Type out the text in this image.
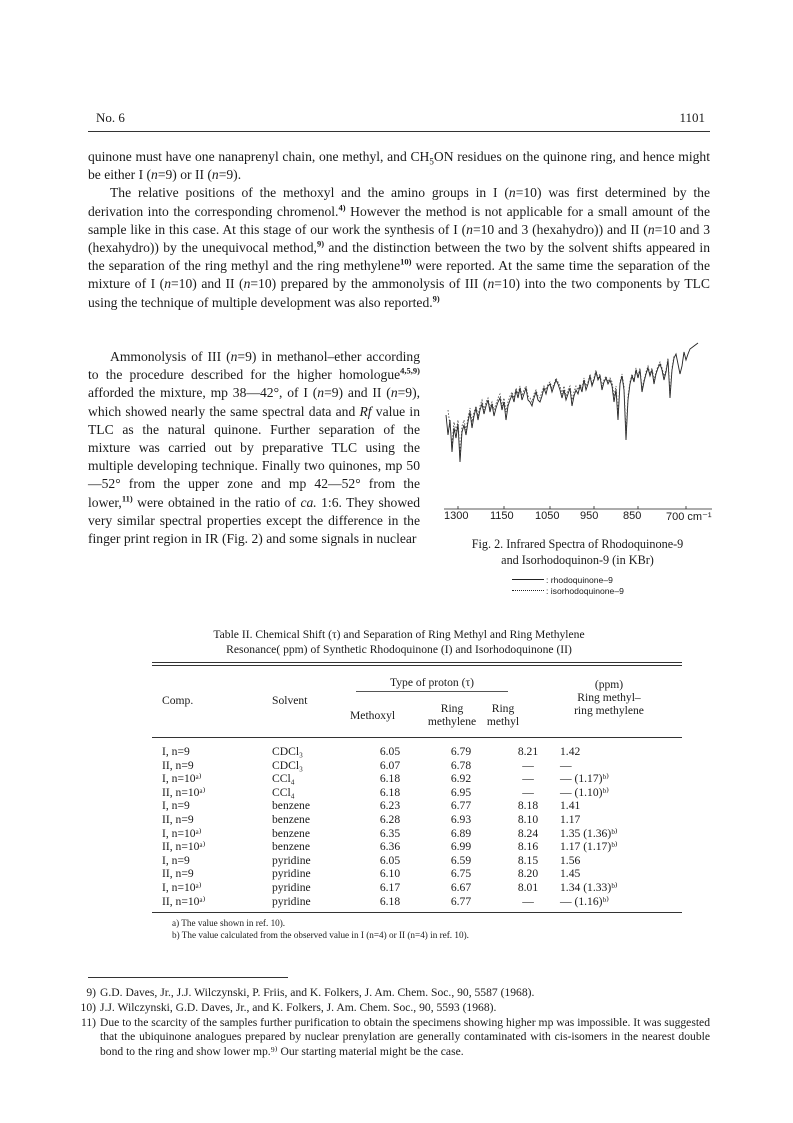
No. 6	1101

quinone must have one nanaprenyl chain, one methyl, and $CH_5ON$ residues on the quinone ring, and hence might be either I (n=9) or II (n=9).

The relative positions of the methoxyl and the amino groups in I (n=10) was first determined by the derivation into the corresponding chromenol.$^{4)}$ However the method is not applicable for a small amount of the sample like in this case. At this stage of our work the synthesis of I (n=10 and 3 (hexahydro)) and II (n=10 and 3 (hexahydro)) by the unequivocal method,$^{9)}$ and the distinction between the two by the solvent shifts appeared in the separation of the ring methyl and the ring methylene$^{10)}$ were reported. At the same time the separation of the mixture of I (n=10) and II (n=10) prepared by the ammonolysis of III (n=10) into the two components by TLC using the technique of multiple development was also reported.$^{9)}$

Ammonolysis of III (n=9) in methanol–ether according to the procedure described for the higher homologue$^{4,5,9)}$ afforded the mixture, mp 38—42°, of I (n=9) and II (n=9), which showed nearly the same spectral data and Rf value in TLC as the natural quinone. Further separation of the mixture was carried out by preparative TLC using the multiple developing technique. Finally two quinones, mp 50—52° from the upper zone and mp 42—52° from the lower,$^{11)}$ were obtained in the ratio of ca. 1:6. They showed very similar spectral properties except the difference in the finger print region in IR (Fig. 2) and some signals in nuclear

1300 1150 1050 950 850 700 cm⁻¹
Fig. 2. Infrared Spectra of Rhodoquinone-9
and Isorhodoquinon-9 (in KBr)
: rhodoquinone–9
: isorhodoquinone–9
Table II. Chemical Shift (τ) and Separation of Ring Methyl and Ring Methylene
Resonance( ppm) of Synthetic Rhodoquinone (I) and Isorhodoquinone (II)
Comp.	Solvent
Type of proton (τ)
Methoxyl
Ring
methylene
Ring
methyl
(ppm)
Ring methyl–
ring methylene
I, n=9	CDCl₃	6.05	6.79	8.21	1.42
II, n=9	CDCl₃	6.07	6.78	—	—
I, n=10ᵃ⁾	CCl₄	6.18	6.92	—	— (1.17)ᵇ⁾
II, n=10ᵃ⁾	CCl₄	6.18	6.95	—	— (1.10)ᵇ⁾
I, n=9	benzene	6.23	6.77	8.18	1.41
II, n=9	benzene	6.28	6.93	8.10	1.17
I, n=10ᵃ⁾	benzene	6.35	6.89	8.24	1.35 (1.36)ᵇ⁾
II, n=10ᵃ⁾	benzene	6.36	6.99	8.16	1.17 (1.17)ᵇ⁾
I, n=9	pyridine	6.05	6.59	8.15	1.56
II, n=9	pyridine	6.10	6.75	8.20	1.45
I, n=10ᵃ⁾	pyridine	6.17	6.67	8.01	1.34 (1.33)ᵇ⁾
II, n=10ᵃ⁾	pyridine	6.18	6.77	—	— (1.16)ᵇ⁾
a) The value shown in ref. 10).
b) The value calculated from the observed value in I (n=4) or II (n=4) in ref. 10).
9) G.D. Daves, Jr., J.J. Wilczynski, P. Friis, and K. Folkers, J. Am. Chem. Soc., 90, 5587 (1968).
10) J.J. Wilczynski, G.D. Daves, Jr., and K. Folkers, J. Am. Chem. Soc., 90, 5593 (1968).
11) Due to the scarcity of the samples further purification to obtain the specimens showing higher mp was impossible. It was suggested that the ubiquinone analogues prepared by nuclear prenylation are generally contaminated with cis-isomers in the nearest double bond to the ring and show lower mp.⁹⁾ Our starting material might be the case.
